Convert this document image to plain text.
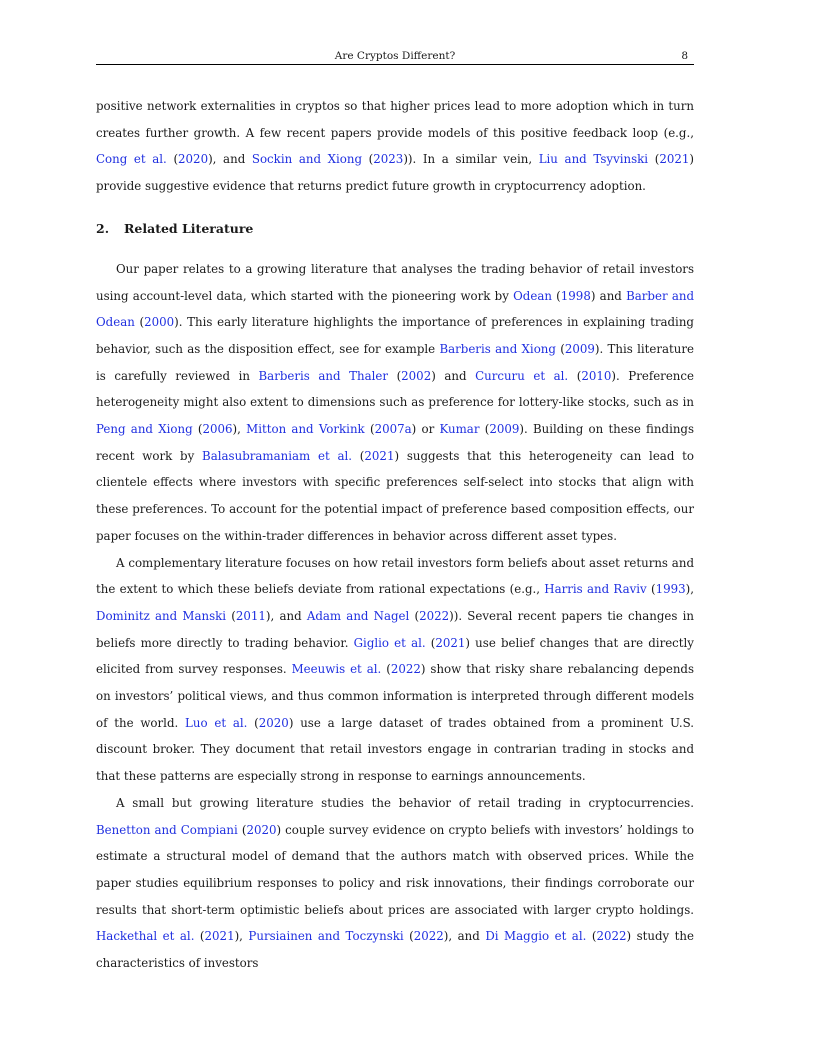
Are Cryptos Different?	8

positive network externalities in cryptos so that higher prices lead to more adoption which in turn creates further growth. A few recent papers provide models of this positive feedback loop (e.g., Cong et al. (2020), and Sockin and Xiong (2023)). In a similar vein, Liu and Tsyvinski (2021) provide suggestive evidence that returns predict future growth in cryptocurrency adoption.

2. Related Literature

Our paper relates to a growing literature that analyses the trading behavior of retail investors using account-level data, which started with the pioneering work by Odean (1998) and Barber and Odean (2000). This early literature highlights the importance of preferences in explaining trading behavior, such as the disposition effect, see for example Barberis and Xiong (2009). This literature is carefully reviewed in Barberis and Thaler (2002) and Curcuru et al. (2010). Preference heterogeneity might also extent to dimensions such as preference for lottery-like stocks, such as in Peng and Xiong (2006), Mitton and Vorkink (2007a) or Kumar (2009). Building on these findings recent work by Balasubramaniam et al. (2021) suggests that this heterogeneity can lead to clientele effects where investors with specific preferences self-select into stocks that align with these preferences. To account for the potential impact of preference based composition effects, our paper focuses on the within-trader differences in behavior across different asset types.

A complementary literature focuses on how retail investors form beliefs about asset returns and the extent to which these beliefs deviate from rational expectations (e.g., Harris and Raviv (1993), Dominitz and Manski (2011), and Adam and Nagel (2022)). Several recent papers tie changes in beliefs more directly to trading behavior. Giglio et al. (2021) use belief changes that are directly elicited from survey responses. Meeuwis et al. (2022) show that risky share rebalancing depends on investors’ political views, and thus common information is interpreted through different models of the world. Luo et al. (2020) use a large dataset of trades obtained from a prominent U.S. discount broker. They document that retail investors engage in contrarian trading in stocks and that these patterns are especially strong in response to earnings announcements.

A small but growing literature studies the behavior of retail trading in cryptocurrencies. Benetton and Compiani (2020) couple survey evidence on crypto beliefs with investors’ holdings to estimate a structural model of demand that the authors match with observed prices. While the paper studies equilibrium responses to policy and risk innovations, their findings corroborate our results that short-term optimistic beliefs about prices are associated with larger crypto holdings. Hackethal et al. (2021), Pursiainen and Toczynski (2022), and Di Maggio et al. (2022) study the characteristics of investors
